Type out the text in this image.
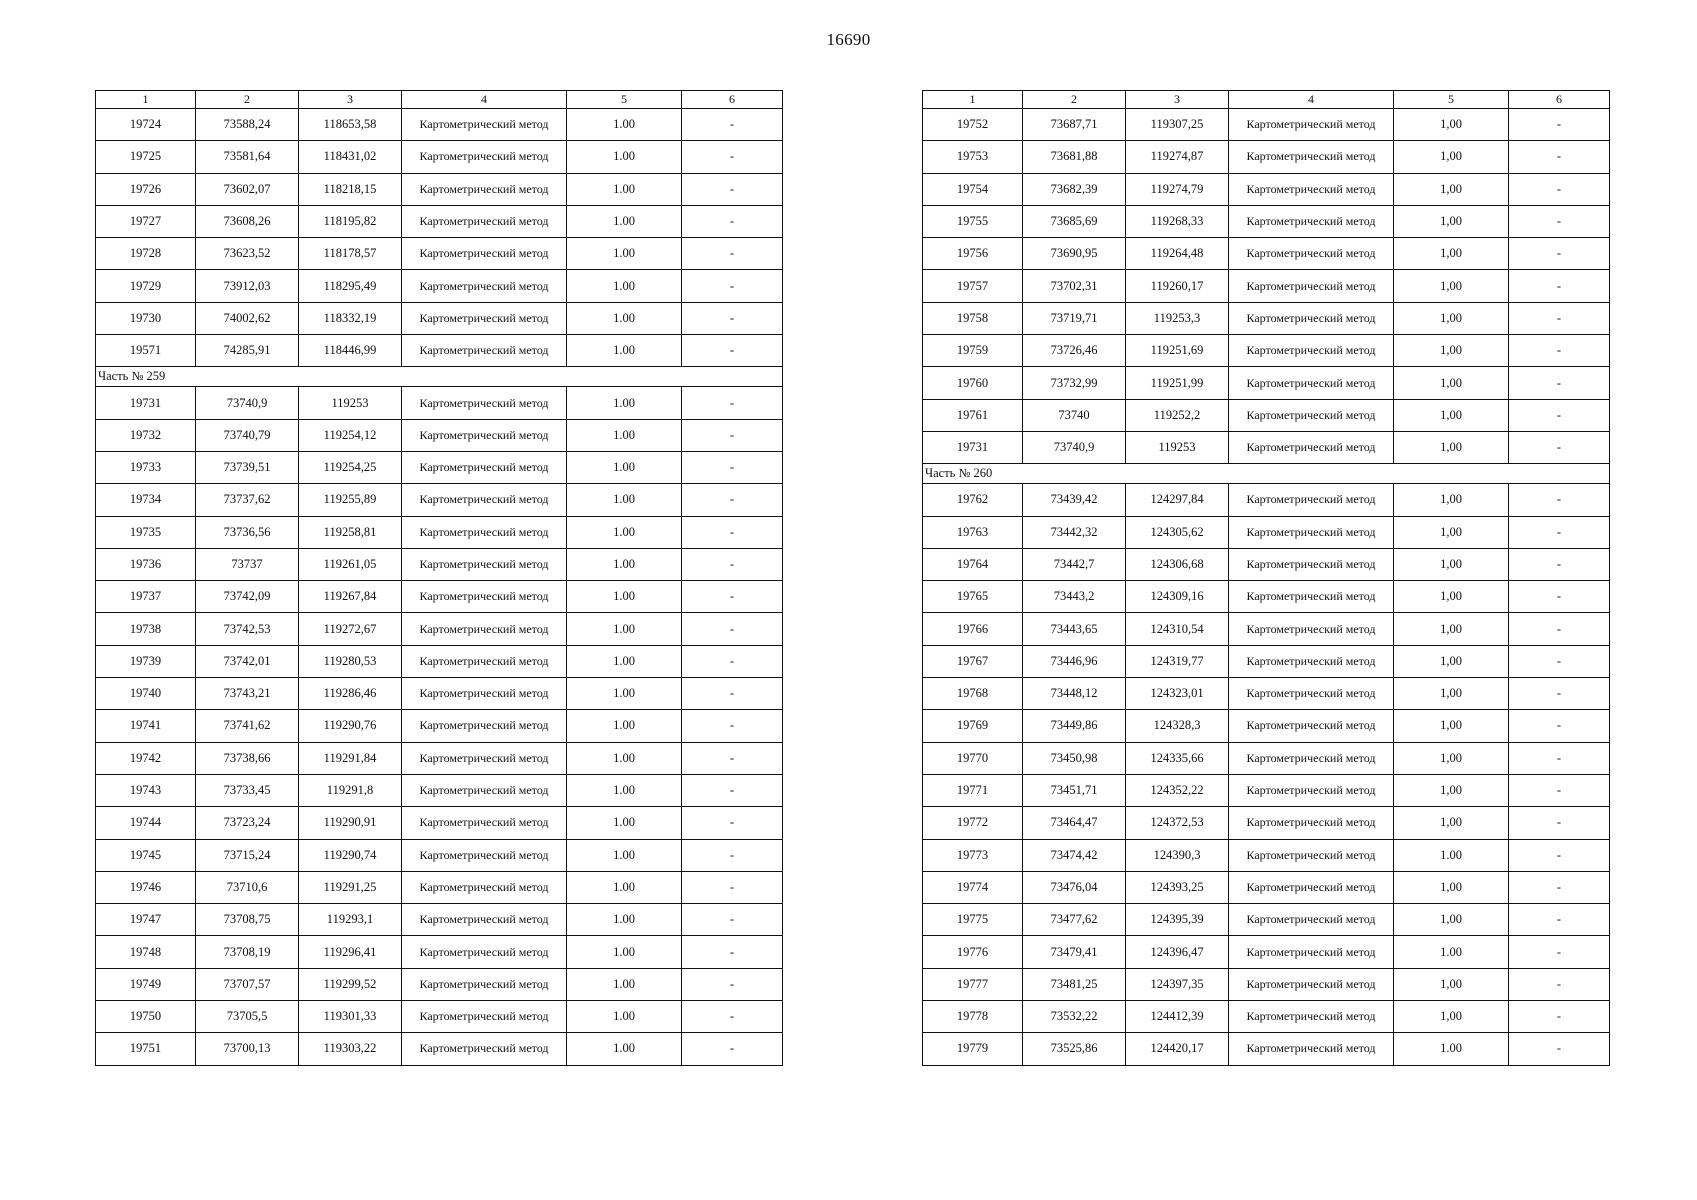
16690
1	2	3	4	5	6
19724	73588,24	118653,58	Картометрический метод	1.00	-
19725	73581,64	118431,02	Картометрический метод	1.00	-
19726	73602,07	118218,15	Картометрический метод	1.00	-
19727	73608,26	118195,82	Картометрический метод	1.00	-
19728	73623,52	118178,57	Картометрический метод	1.00	-
19729	73912,03	118295,49	Картометрический метод	1.00	-
19730	74002,62	118332,19	Картометрический метод	1.00	-
19571	74285,91	118446,99	Картометрический метод	1.00	-
Часть № 259					
19731	73740,9	119253	Картометрический метод	1.00	-
19732	73740,79	119254,12	Картометрический метод	1.00	-
19733	73739,51	119254,25	Картометрический метод	1.00	-
19734	73737,62	119255,89	Картометрический метод	1.00	-
19735	73736,56	119258,81	Картометрический метод	1.00	-
19736	73737	119261,05	Картометрический метод	1.00	-
19737	73742,09	119267,84	Картометрический метод	1.00	-
19738	73742,53	119272,67	Картометрический метод	1.00	-
19739	73742,01	119280,53	Картометрический метод	1.00	-
19740	73743,21	119286,46	Картометрический метод	1.00	-
19741	73741,62	119290,76	Картометрический метод	1.00	-
19742	73738,66	119291,84	Картометрический метод	1.00	-
19743	73733,45	119291,8	Картометрический метод	1.00	-
19744	73723,24	119290,91	Картометрический метод	1.00	-
19745	73715,24	119290,74	Картометрический метод	1.00	-
19746	73710,6	119291,25	Картометрический метод	1.00	-
19747	73708,75	119293,1	Картометрический метод	1.00	-
19748	73708,19	119296,41	Картометрический метод	1.00	-
19749	73707,57	119299,52	Картометрический метод	1.00	-
19750	73705,5	119301,33	Картометрический метод	1.00	-
19751	73700,13	119303,22	Картометрический метод	1.00	-
1	2	3	4	5	6
19752	73687,71	119307,25	Картометрический метод	1,00	-
19753	73681,88	119274,87	Картометрический метод	1,00	-
19754	73682,39	119274,79	Картометрический метод	1,00	-
19755	73685,69	119268,33	Картометрический метод	1,00	-
19756	73690,95	119264,48	Картометрический метод	1,00	-
19757	73702,31	119260,17	Картометрический метод	1,00	-
19758	73719,71	119253,3	Картометрический метод	1,00	-
19759	73726,46	119251,69	Картометрический метод	1,00	-
19760	73732,99	119251,99	Картометрический метод	1,00	-
19761	73740	119252,2	Картометрический метод	1,00	-
19731	73740,9	119253	Картометрический метод	1,00	-
Часть № 260					
19762	73439,42	124297,84	Картометрический метод	1,00	-
19763	73442,32	124305,62	Картометрический метод	1,00	-
19764	73442,7	124306,68	Картометрический метод	1,00	-
19765	73443,2	124309,16	Картометрический метод	1,00	-
19766	73443,65	124310,54	Картометрический метод	1,00	-
19767	73446,96	124319,77	Картометрический метод	1,00	-
19768	73448,12	124323,01	Картометрический метод	1,00	-
19769	73449,86	124328,3	Картометрический метод	1,00	-
19770	73450,98	124335,66	Картометрический метод	1,00	-
19771	73451,71	124352,22	Картометрический метод	1,00	-
19772	73464,47	124372,53	Картометрический метод	1,00	-
19773	73474,42	124390,3	Картометрический метод	1.00	-
19774	73476,04	124393,25	Картометрический метод	1,00	-
19775	73477,62	124395,39	Картометрический метод	1,00	-
19776	73479,41	124396,47	Картометрический метод	1.00	-
19777	73481,25	124397,35	Картометрический метод	1,00	-
19778	73532,22	124412,39	Картометрический метод	1,00	-
19779	73525,86	124420,17	Картометрический метод	1.00	-
